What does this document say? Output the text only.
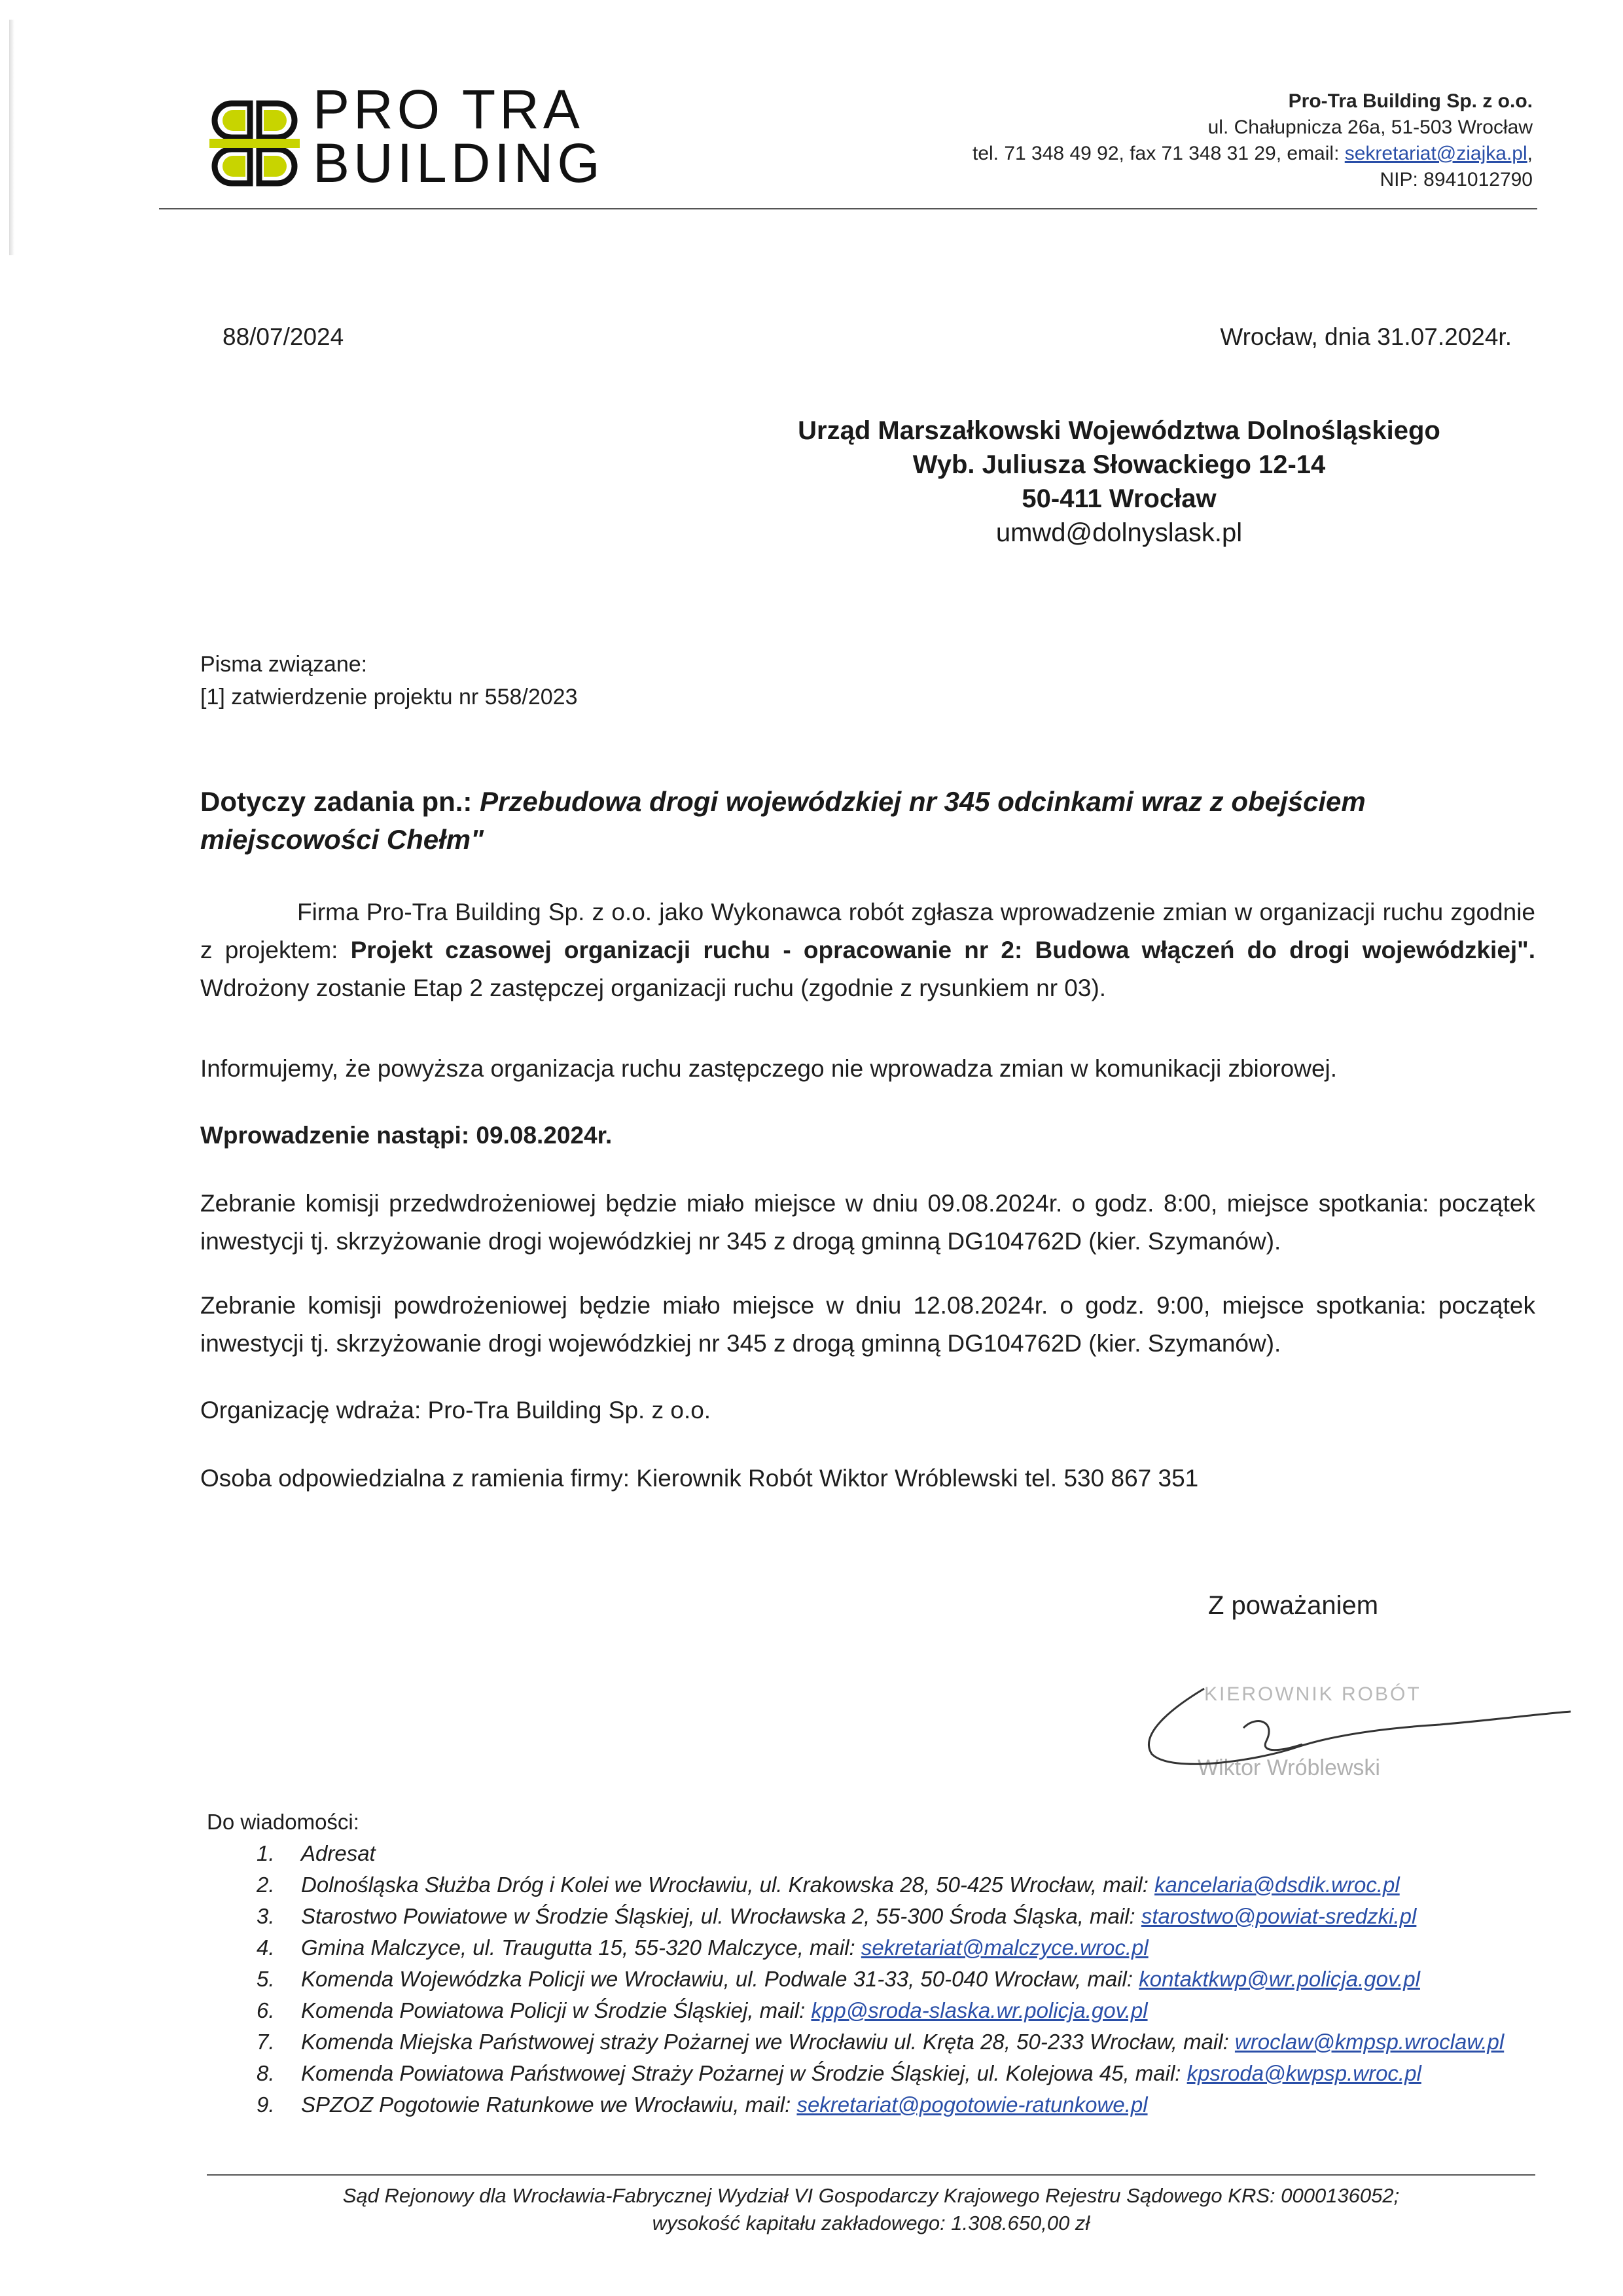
PRO TRA
BUILDING
Pro-Tra Building Sp. z o.o.
ul. Chałupnicza 26a, 51-503 Wrocław
tel. 71 348 49 92, fax 71 348 31 29, email: sekretariat@ziajka.pl,
NIP: 8941012790
88/07/2024	Wrocław, dnia 31.07.2024r.
Urząd Marszałkowski Województwa Dolnośląskiego
Wyb. Juliusza Słowackiego 12-14
50-411 Wrocław
umwd@dolnyslask.pl
Pisma związane:
[1] zatwierdzenie projektu nr 558/2023
Dotyczy zadania pn.: Przebudowa drogi wojewódzkiej nr 345 odcinkami wraz z obejściem miejscowości Chełm"
Firma Pro-Tra Building Sp. z o.o. jako Wykonawca robót zgłasza wprowadzenie zmian w organizacji ruchu zgodnie z projektem: Projekt czasowej organizacji ruchu - opracowanie nr 2: Budowa włączeń do drogi wojewódzkiej". Wdrożony zostanie Etap 2 zastępczej organizacji ruchu (zgodnie z rysunkiem nr 03).
Informujemy, że powyższa organizacja ruchu zastępczego nie wprowadza zmian w komunikacji zbiorowej.
Wprowadzenie nastąpi: 09.08.2024r.
Zebranie komisji przedwdrożeniowej będzie miało miejsce w dniu 09.08.2024r. o godz. 8:00, miejsce spotkania: początek inwestycji tj. skrzyżowanie drogi wojewódzkiej nr 345 z drogą gminną DG104762D (kier. Szymanów).
Zebranie komisji powdrożeniowej będzie miało miejsce w dniu 12.08.2024r. o godz. 9:00, miejsce spotkania: początek inwestycji tj. skrzyżowanie drogi wojewódzkiej nr 345 z drogą gminną DG104762D (kier. Szymanów).
Organizację wdraża: Pro-Tra Building Sp. z o.o.
Osoba odpowiedzialna z ramienia firmy: Kierownik Robót Wiktor Wróblewski tel. 530 867 351
Z poważaniem
KIEROWNIK ROBÓT
Wiktor Wróblewski
Do wiadomości:
1.	Adresat
2.	Dolnośląska Służba Dróg i Kolei we Wrocławiu, ul. Krakowska 28, 50-425 Wrocław, mail: kancelaria@dsdik.wroc.pl
3.	Starostwo Powiatowe w Środzie Śląskiej, ul. Wrocławska 2, 55-300 Środa Śląska, mail: starostwo@powiat-sredzki.pl
4.	Gmina Malczyce, ul. Traugutta 15, 55-320 Malczyce, mail: sekretariat@malczyce.wroc.pl
5.	Komenda Wojewódzka Policji we Wrocławiu, ul. Podwale 31-33, 50-040 Wrocław, mail: kontaktkwp@wr.policja.gov.pl
6.	Komenda Powiatowa Policji w Środzie Śląskiej, mail: kpp@sroda-slaska.wr.policja.gov.pl
7.	Komenda Miejska Państwowej straży Pożarnej we Wrocławiu ul. Kręta 28, 50-233 Wrocław, mail: wroclaw@kmpsp.wroclaw.pl
8.	Komenda Powiatowa Państwowej Straży Pożarnej w Środzie Śląskiej, ul. Kolejowa 45, mail: kpsroda@kwpsp.wroc.pl
9.	SPZOZ Pogotowie Ratunkowe we Wrocławiu, mail: sekretariat@pogotowie-ratunkowe.pl
Sąd Rejonowy dla Wrocławia-Fabrycznej Wydział VI Gospodarczy Krajowego Rejestru Sądowego KRS: 0000136052;
wysokość kapitału zakładowego: 1.308.650,00 zł
